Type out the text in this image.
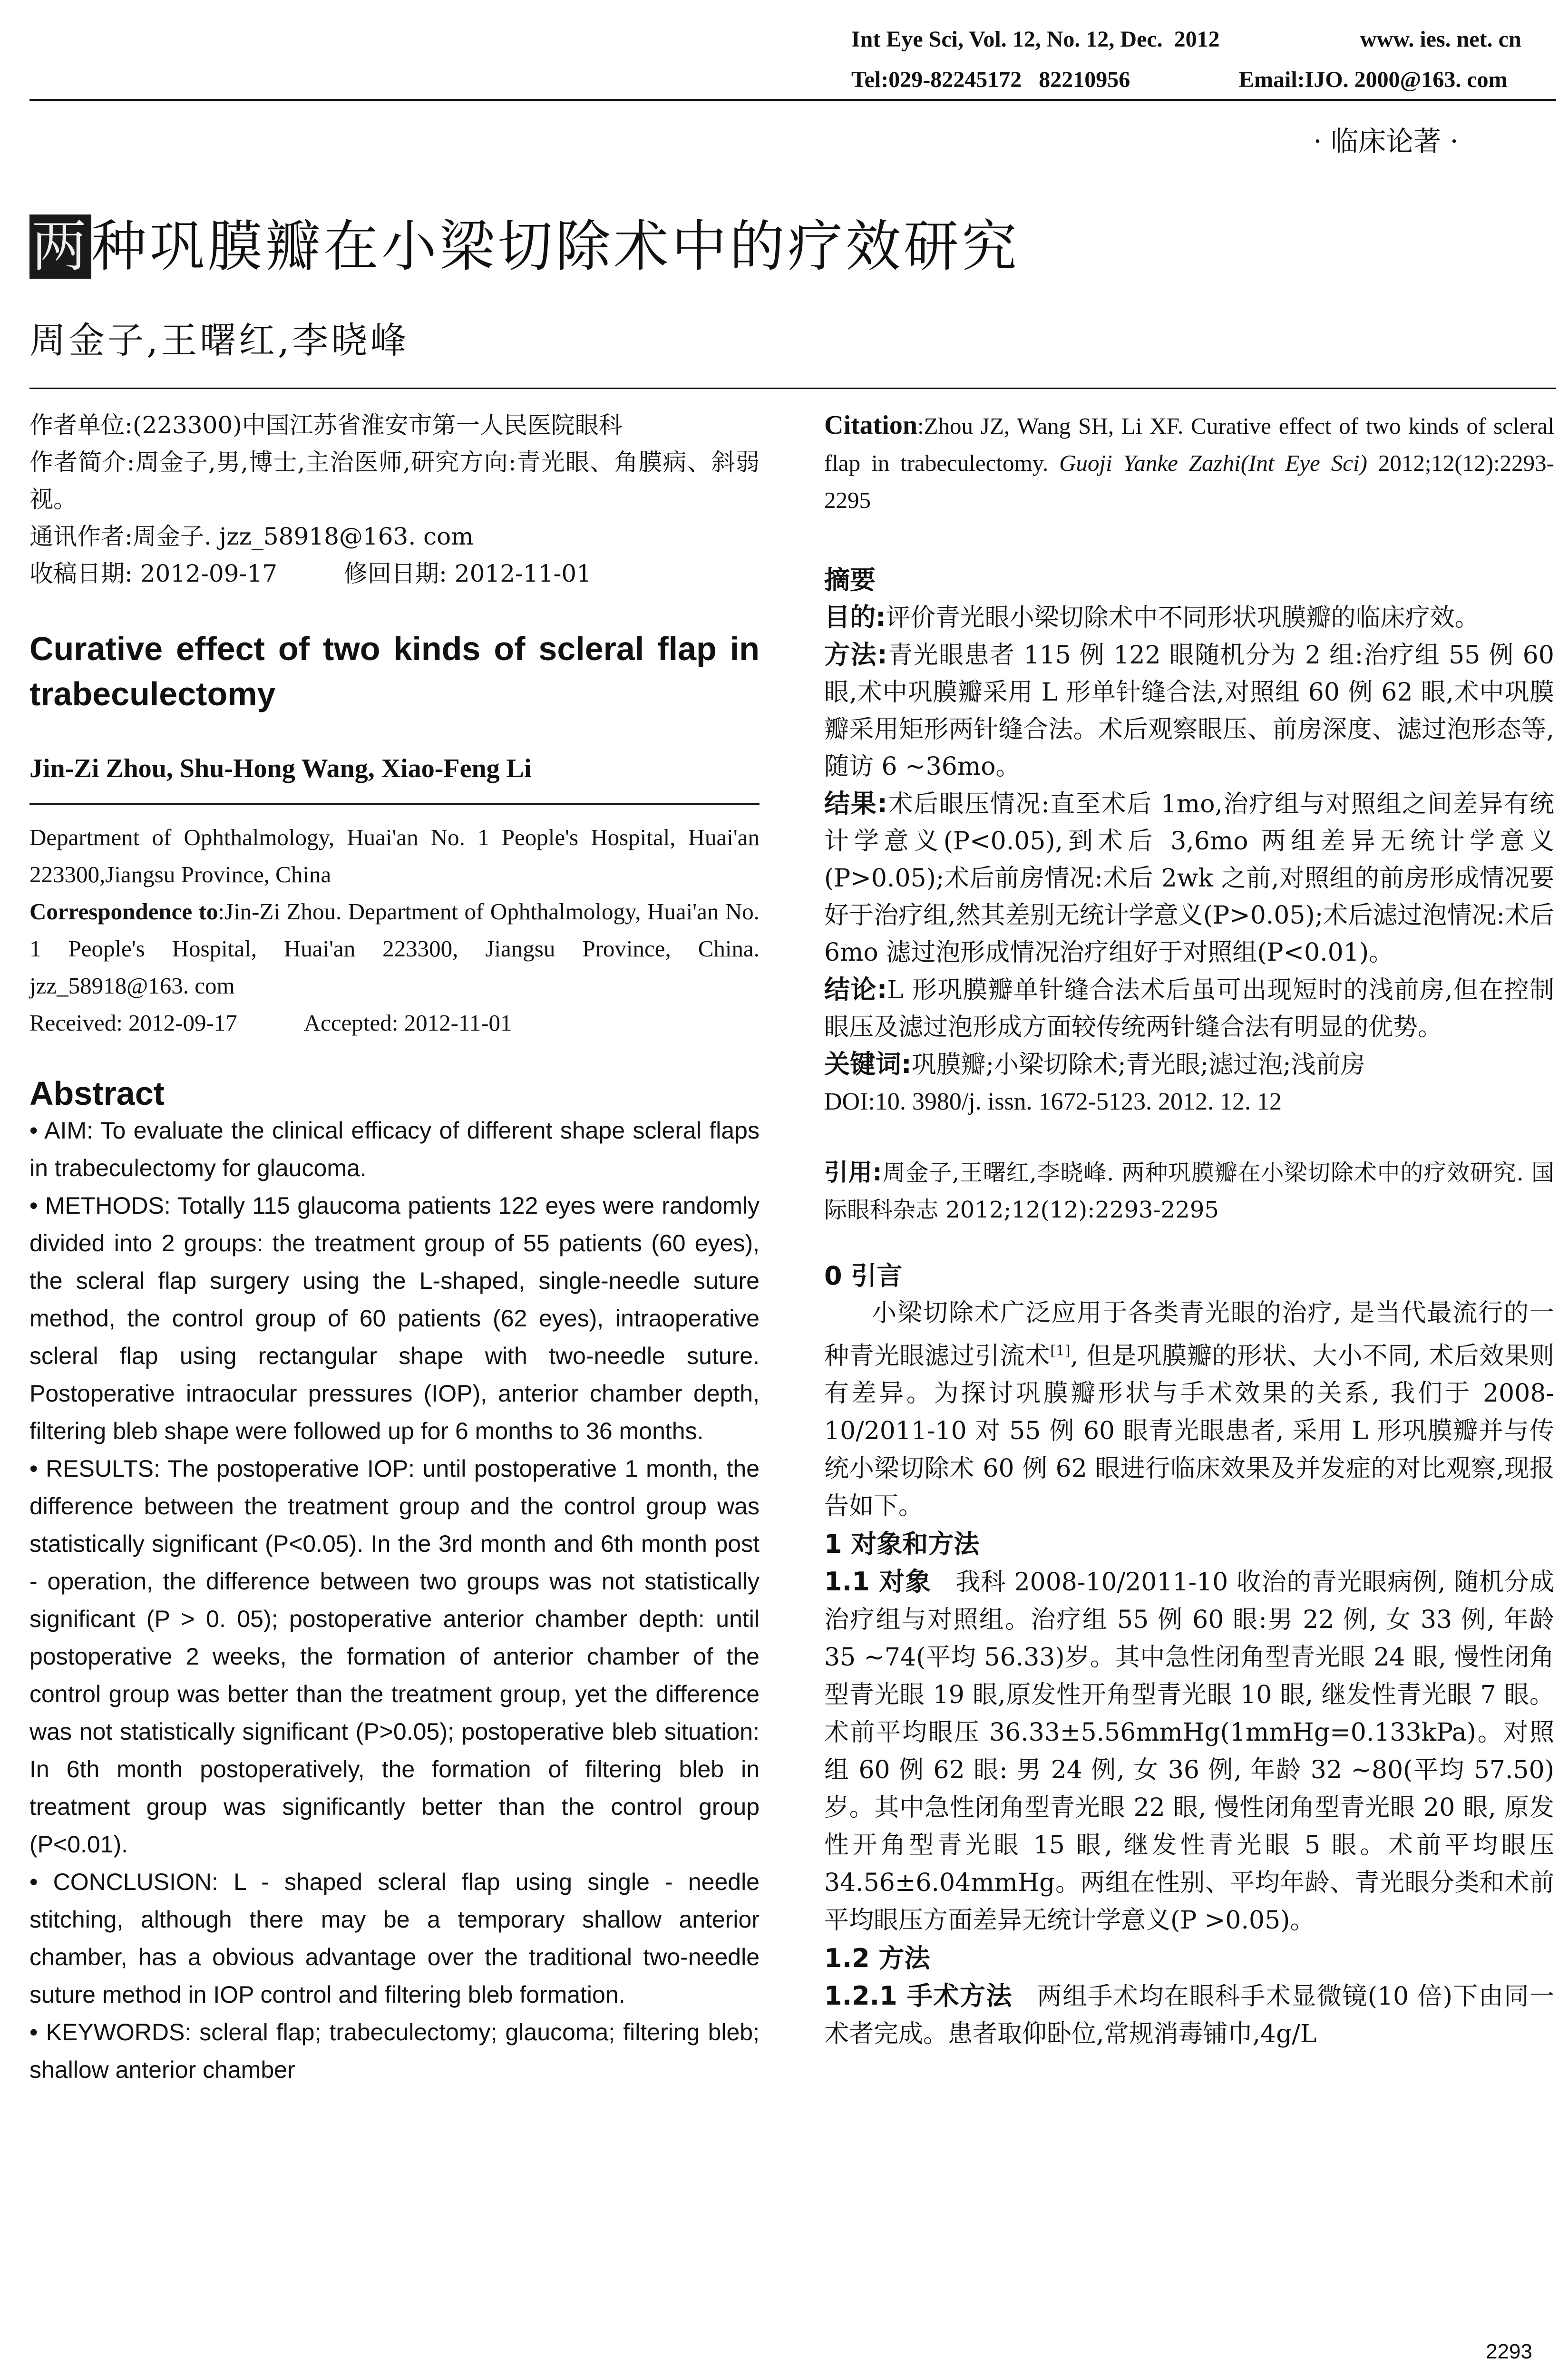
Int Eye Sci, Vol. 12, No. 12, Dec.  2012	www. ies. net. cn
Tel:029-82245172   82210956	Email:IJO. 2000@163. com
· 临床论著 ·
两种巩膜瓣在小梁切除术中的疗效研究
周金子,王曙红,李晓峰

作者单位:(223300)中国江苏省淮安市第一人民医院眼科

作者简介:周金子,男,博士,主治医师,研究方向:青光眼、角膜病、斜弱视。

通讯作者:周金子. jzz_58918@163. com

收稿日期: 2012-09-17	修回日期: 2012-11-01

Curative effect of two kinds of scleral flap in trabeculectomy
Jin-Zi Zhou, Shu-Hong Wang, Xiao-Feng Li

Department of Ophthalmology, Huai'an No. 1 People's Hospital, Huai'an 223300,Jiangsu Province, China

Correspondence to:Jin-Zi Zhou. Department of Ophthalmology, Huai'an No. 1 People's Hospital, Huai'an 223300, Jiangsu Province, China. jzz_58918@163. com

Received: 2012-09-17	Accepted: 2012-11-01

Abstract

• AIM: To evaluate the clinical efficacy of different shape scleral flaps in trabeculectomy for glaucoma.

• METHODS: Totally 115 glaucoma patients 122 eyes were randomly divided into 2 groups: the treatment group of 55 patients (60 eyes), the scleral flap surgery using the L-shaped, single-needle suture method, the control group of 60 patients (62 eyes), intraoperative scleral flap using rectangular shape with two-needle suture. Postoperative intraocular pressures (IOP), anterior chamber depth, filtering bleb shape were followed up for 6 months to 36 months.

• RESULTS: The postoperative IOP: until postoperative 1 month, the difference between the treatment group and the control group was statistically significant (P<0.05). In the 3rd month and 6th month post - operation, the difference between two groups was not statistically significant (P > 0. 05); postoperative anterior chamber depth: until postoperative 2 weeks, the formation of anterior chamber of the control group was better than the treatment group, yet the difference was not statistically significant (P>0.05); postoperative bleb situation: In 6th month postoperatively, the formation of filtering bleb in treatment group was significantly better than the control group (P<0.01).

• CONCLUSION: L - shaped scleral flap using single - needle stitching, although there may be a temporary shallow anterior chamber, has a obvious advantage over the traditional two-needle suture method in IOP control and filtering bleb formation.

• KEYWORDS: scleral flap; trabeculectomy; glaucoma; filtering bleb; shallow anterior chamber

Citation:Zhou JZ, Wang SH, Li XF. Curative effect of two kinds of scleral flap in trabeculectomy. Guoji Yanke Zazhi(Int Eye Sci) 2012;12(12):2293-2295
摘要

目的:评价青光眼小梁切除术中不同形状巩膜瓣的临床疗效。

方法:青光眼患者 115 例 122 眼随机分为 2 组:治疗组 55 例 60 眼,术中巩膜瓣采用 L 形单针缝合法,对照组 60 例 62 眼,术中巩膜瓣采用矩形两针缝合法。术后观察眼压、前房深度、滤过泡形态等,随访 6 ~36mo。

结果:术后眼压情况:直至术后 1mo,治疗组与对照组之间差异有统计学意义(P<0.05),到术后 3,6mo 两组差异无统计学意义(P>0.05);术后前房情况:术后 2wk 之前,对照组的前房形成情况要好于治疗组,然其差别无统计学意义(P>0.05);术后滤过泡情况:术后 6mo 滤过泡形成情况治疗组好于对照组(P<0.01)。

结论:L 形巩膜瓣单针缝合法术后虽可出现短时的浅前房,但在控制眼压及滤过泡形成方面较传统两针缝合法有明显的优势。

关键词:巩膜瓣;小梁切除术;青光眼;滤过泡;浅前房

DOI:10. 3980/j. issn. 1672-5123. 2012. 12. 12

引用:周金子,王曙红,李晓峰. 两种巩膜瓣在小梁切除术中的疗效研究. 国际眼科杂志 2012;12(12):2293-2295
0 引言

小梁切除术广泛应用于各类青光眼的治疗, 是当代最流行的一种青光眼滤过引流术[1], 但是巩膜瓣的形状、大小不同, 术后效果则有差异。为探讨巩膜瓣形状与手术效果的关系, 我们于 2008-10/2011-10 对 55 例 60 眼青光眼患者, 采用 L 形巩膜瓣并与传统小梁切除术 60 例 62 眼进行临床效果及并发症的对比观察,现报告如下。

1 对象和方法

1.1 对象 我科 2008-10/2011-10 收治的青光眼病例, 随机分成治疗组与对照组。治疗组 55 例 60 眼:男 22 例, 女 33 例, 年龄 35 ~74(平均 56.33)岁。其中急性闭角型青光眼 24 眼, 慢性闭角型青光眼 19 眼,原发性开角型青光眼 10 眼, 继发性青光眼 7 眼。术前平均眼压 36.33±5.56mmHg(1mmHg=0.133kPa)。对照组 60 例 62 眼: 男 24 例, 女 36 例, 年龄 32 ~80(平均 57.50)岁。其中急性闭角型青光眼 22 眼, 慢性闭角型青光眼 20 眼, 原发性开角型青光眼 15 眼, 继发性青光眼 5 眼。术前平均眼压 34.56±6.04mmHg。两组在性别、平均年龄、青光眼分类和术前平均眼压方面差异无统计学意义(P >0.05)。

1.2 方法

1.2.1 手术方法 两组手术均在眼科手术显微镜(10 倍)下由同一术者完成。患者取仰卧位,常规消毒铺巾,4g/L

2293
